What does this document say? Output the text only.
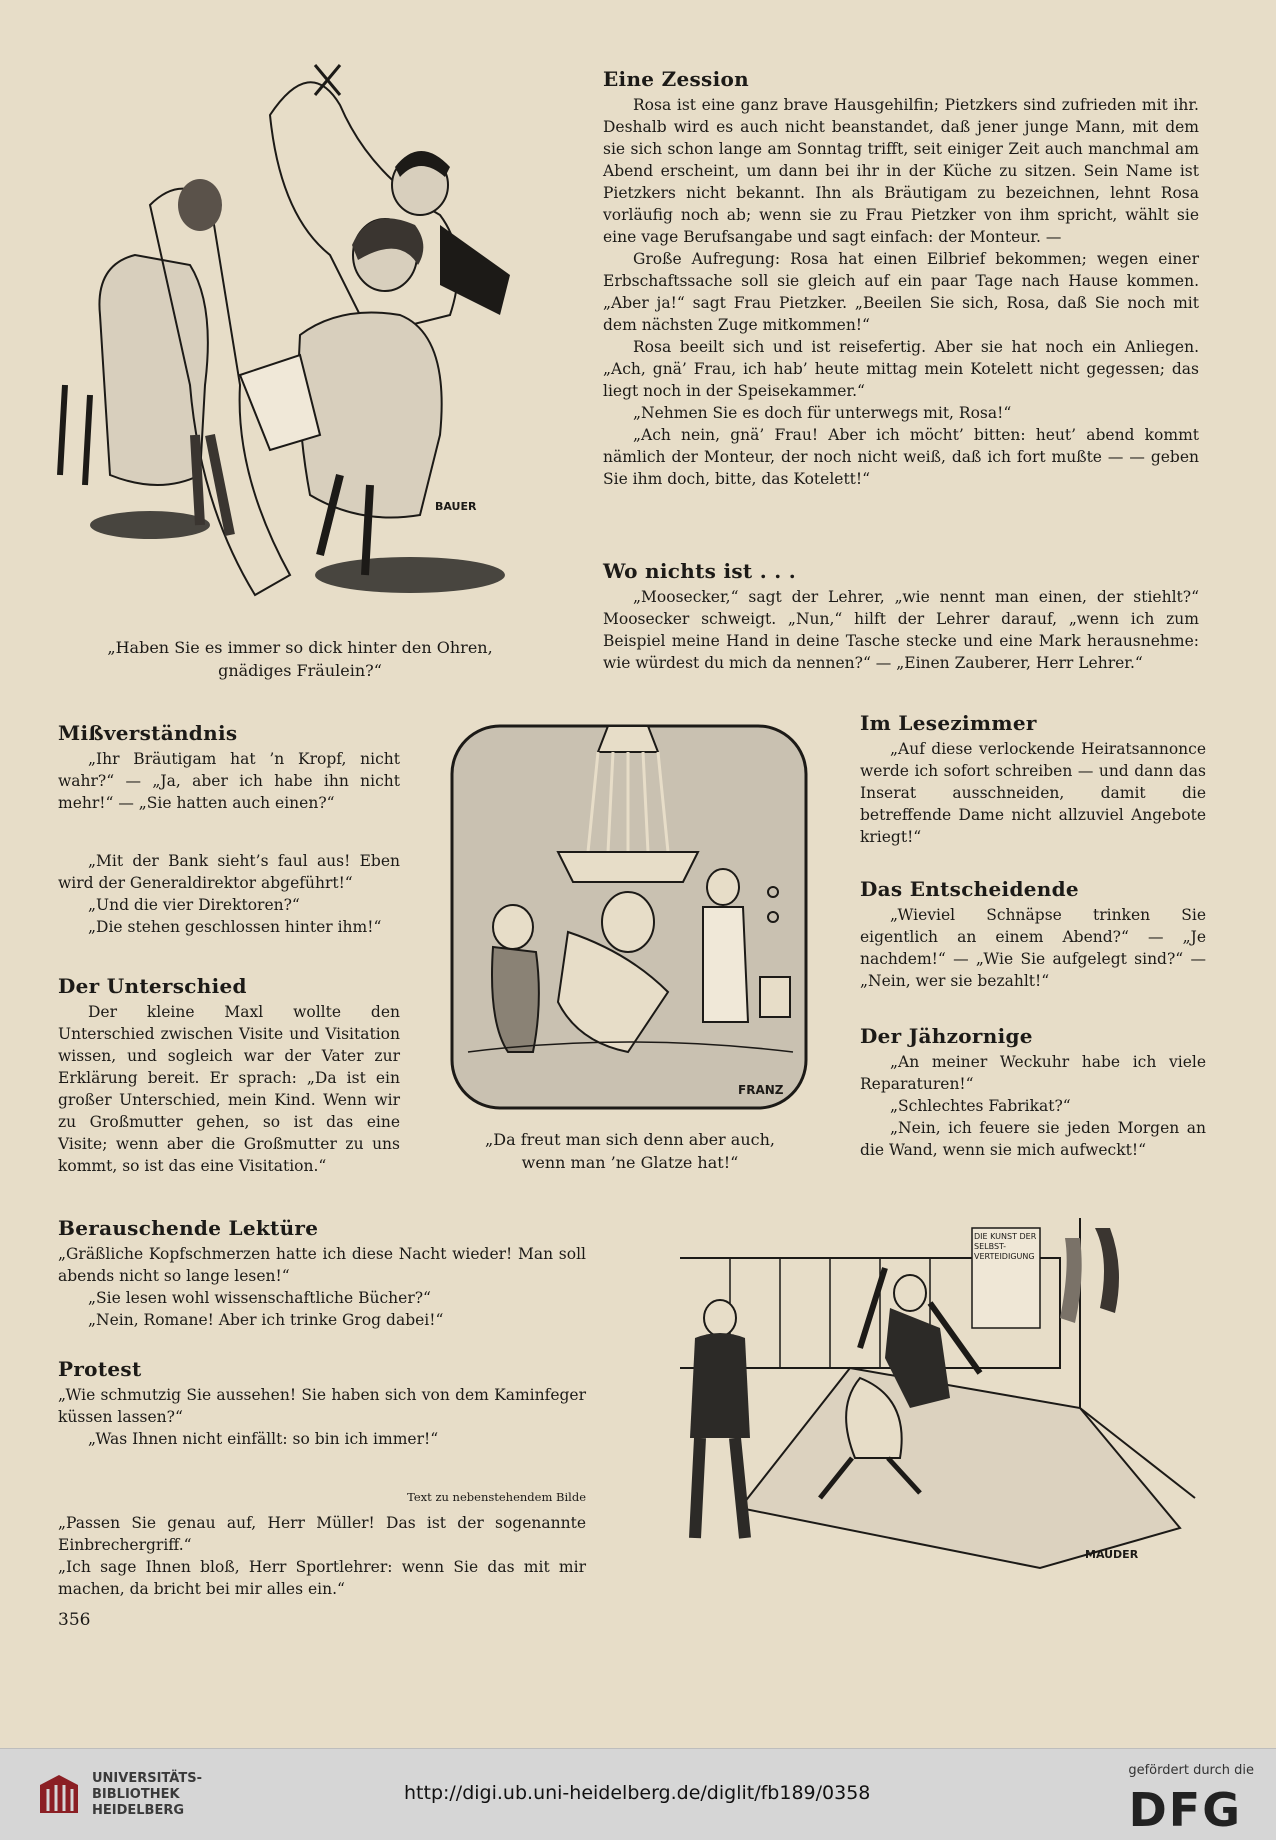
BAUER
„Haben Sie es immer so dick hinter den Ohren, gnädiges Fräulein?“
Eine Zession

Rosa ist eine ganz brave Hausgehilfin; Pietzkers sind zufrieden mit ihr. Deshalb wird es auch nicht beanstandet, daß jener junge Mann, mit dem sie sich schon lange am Sonntag trifft, seit einiger Zeit auch manchmal am Abend erscheint, um dann bei ihr in der Küche zu sitzen. Sein Name ist Pietzkers nicht bekannt. Ihn als Bräutigam zu bezeichnen, lehnt Rosa vorläufig noch ab; wenn sie zu Frau Pietzker von ihm spricht, wählt sie eine vage Berufsangabe und sagt einfach: der Monteur. —

Große Aufregung: Rosa hat einen Eilbrief bekommen; wegen einer Erbschaftssache soll sie gleich auf ein paar Tage nach Hause kommen. „Aber ja!“ sagt Frau Pietzker. „Beeilen Sie sich, Rosa, daß Sie noch mit dem nächsten Zuge mitkommen!“

Rosa beeilt sich und ist reisefertig. Aber sie hat noch ein Anliegen. „Ach, gnä’ Frau, ich hab’ heute mittag mein Kotelett nicht gegessen; das liegt noch in der Speisekammer.“

„Nehmen Sie es doch für unterwegs mit, Rosa!“

„Ach nein, gnä’ Frau! Aber ich möcht’ bitten: heut’ abend kommt nämlich der Monteur, der noch nicht weiß, daß ich fort mußte — — geben Sie ihm doch, bitte, das Kotelett!“

Wo nichts ist . . .

„Moosecker,“ sagt der Lehrer, „wie nennt man einen, der stiehlt?“ Moosecker schweigt. „Nun,“ hilft der Lehrer darauf, „wenn ich zum Beispiel meine Hand in deine Tasche stecke und eine Mark herausnehme: wie würdest du mich da nennen?“ — „Einen Zauberer, Herr Lehrer.“

Mißverständnis

„Ihr Bräutigam hat ’n Kropf, nicht wahr?“ — „Ja, aber ich habe ihn nicht mehr!“ — „Sie hatten auch einen?“

„Mit der Bank sieht’s faul aus! Eben wird der Generaldirektor abgeführt!“

„Und die vier Direktoren?“

„Die stehen geschlossen hinter ihm!“

Der Unterschied

Der kleine Maxl wollte den Unterschied zwischen Visite und Visitation wissen, und sogleich war der Vater zur Erklärung bereit. Er sprach: „Da ist ein großer Unterschied, mein Kind. Wenn wir zu Großmutter gehen, so ist das eine Visite; wenn aber die Großmutter zu uns kommt, so ist das eine Visitation.“

FRANZ
„Da freut man sich denn aber auch, wenn man ’ne Glatze hat!“
Im Lesezimmer

„Auf diese verlockende Heiratsannonce werde ich sofort schreiben — und dann das Inserat ausschneiden, damit die betreffende Dame nicht allzuviel Angebote kriegt!“

Das Entscheidende

„Wieviel Schnäpse trinken Sie eigentlich an einem Abend?“ — „Je nachdem!“ — „Wie Sie aufgelegt sind?“ — „Nein, wer sie bezahlt!“

Der Jähzornige

„An meiner Weckuhr habe ich viele Reparaturen!“

„Schlechtes Fabrikat?“

„Nein, ich feuere sie jeden Morgen an die Wand, wenn sie mich aufweckt!“

Berauschende Lektüre

„Gräßliche Kopfschmerzen hatte ich diese Nacht wieder! Man soll abends nicht so lange lesen!“

„Sie lesen wohl wissenschaftliche Bücher?“

„Nein, Romane! Aber ich trinke Grog dabei!“

Protest

„Wie schmutzig Sie aussehen! Sie haben sich von dem Kaminfeger küssen lassen?“

„Was Ihnen nicht einfällt: so bin ich immer!“

Text zu nebenstehendem Bilde

„Passen Sie genau auf, Herr Müller! Das ist der sogenannte Einbrechergriff.“

„Ich sage Ihnen bloß, Herr Sportlehrer: wenn Sie das mit mir machen, da bricht bei mir alles ein.“

356
DIE KUNST DER SELBST-VERTEIDIGUNG
MAUDER
UNIVERSITÄTS-
BIBLIOTHEK
HEIDELBERG
http://digi.ub.uni-heidelberg.de/diglit/fb189/0358
gefördert durch die
DFG
